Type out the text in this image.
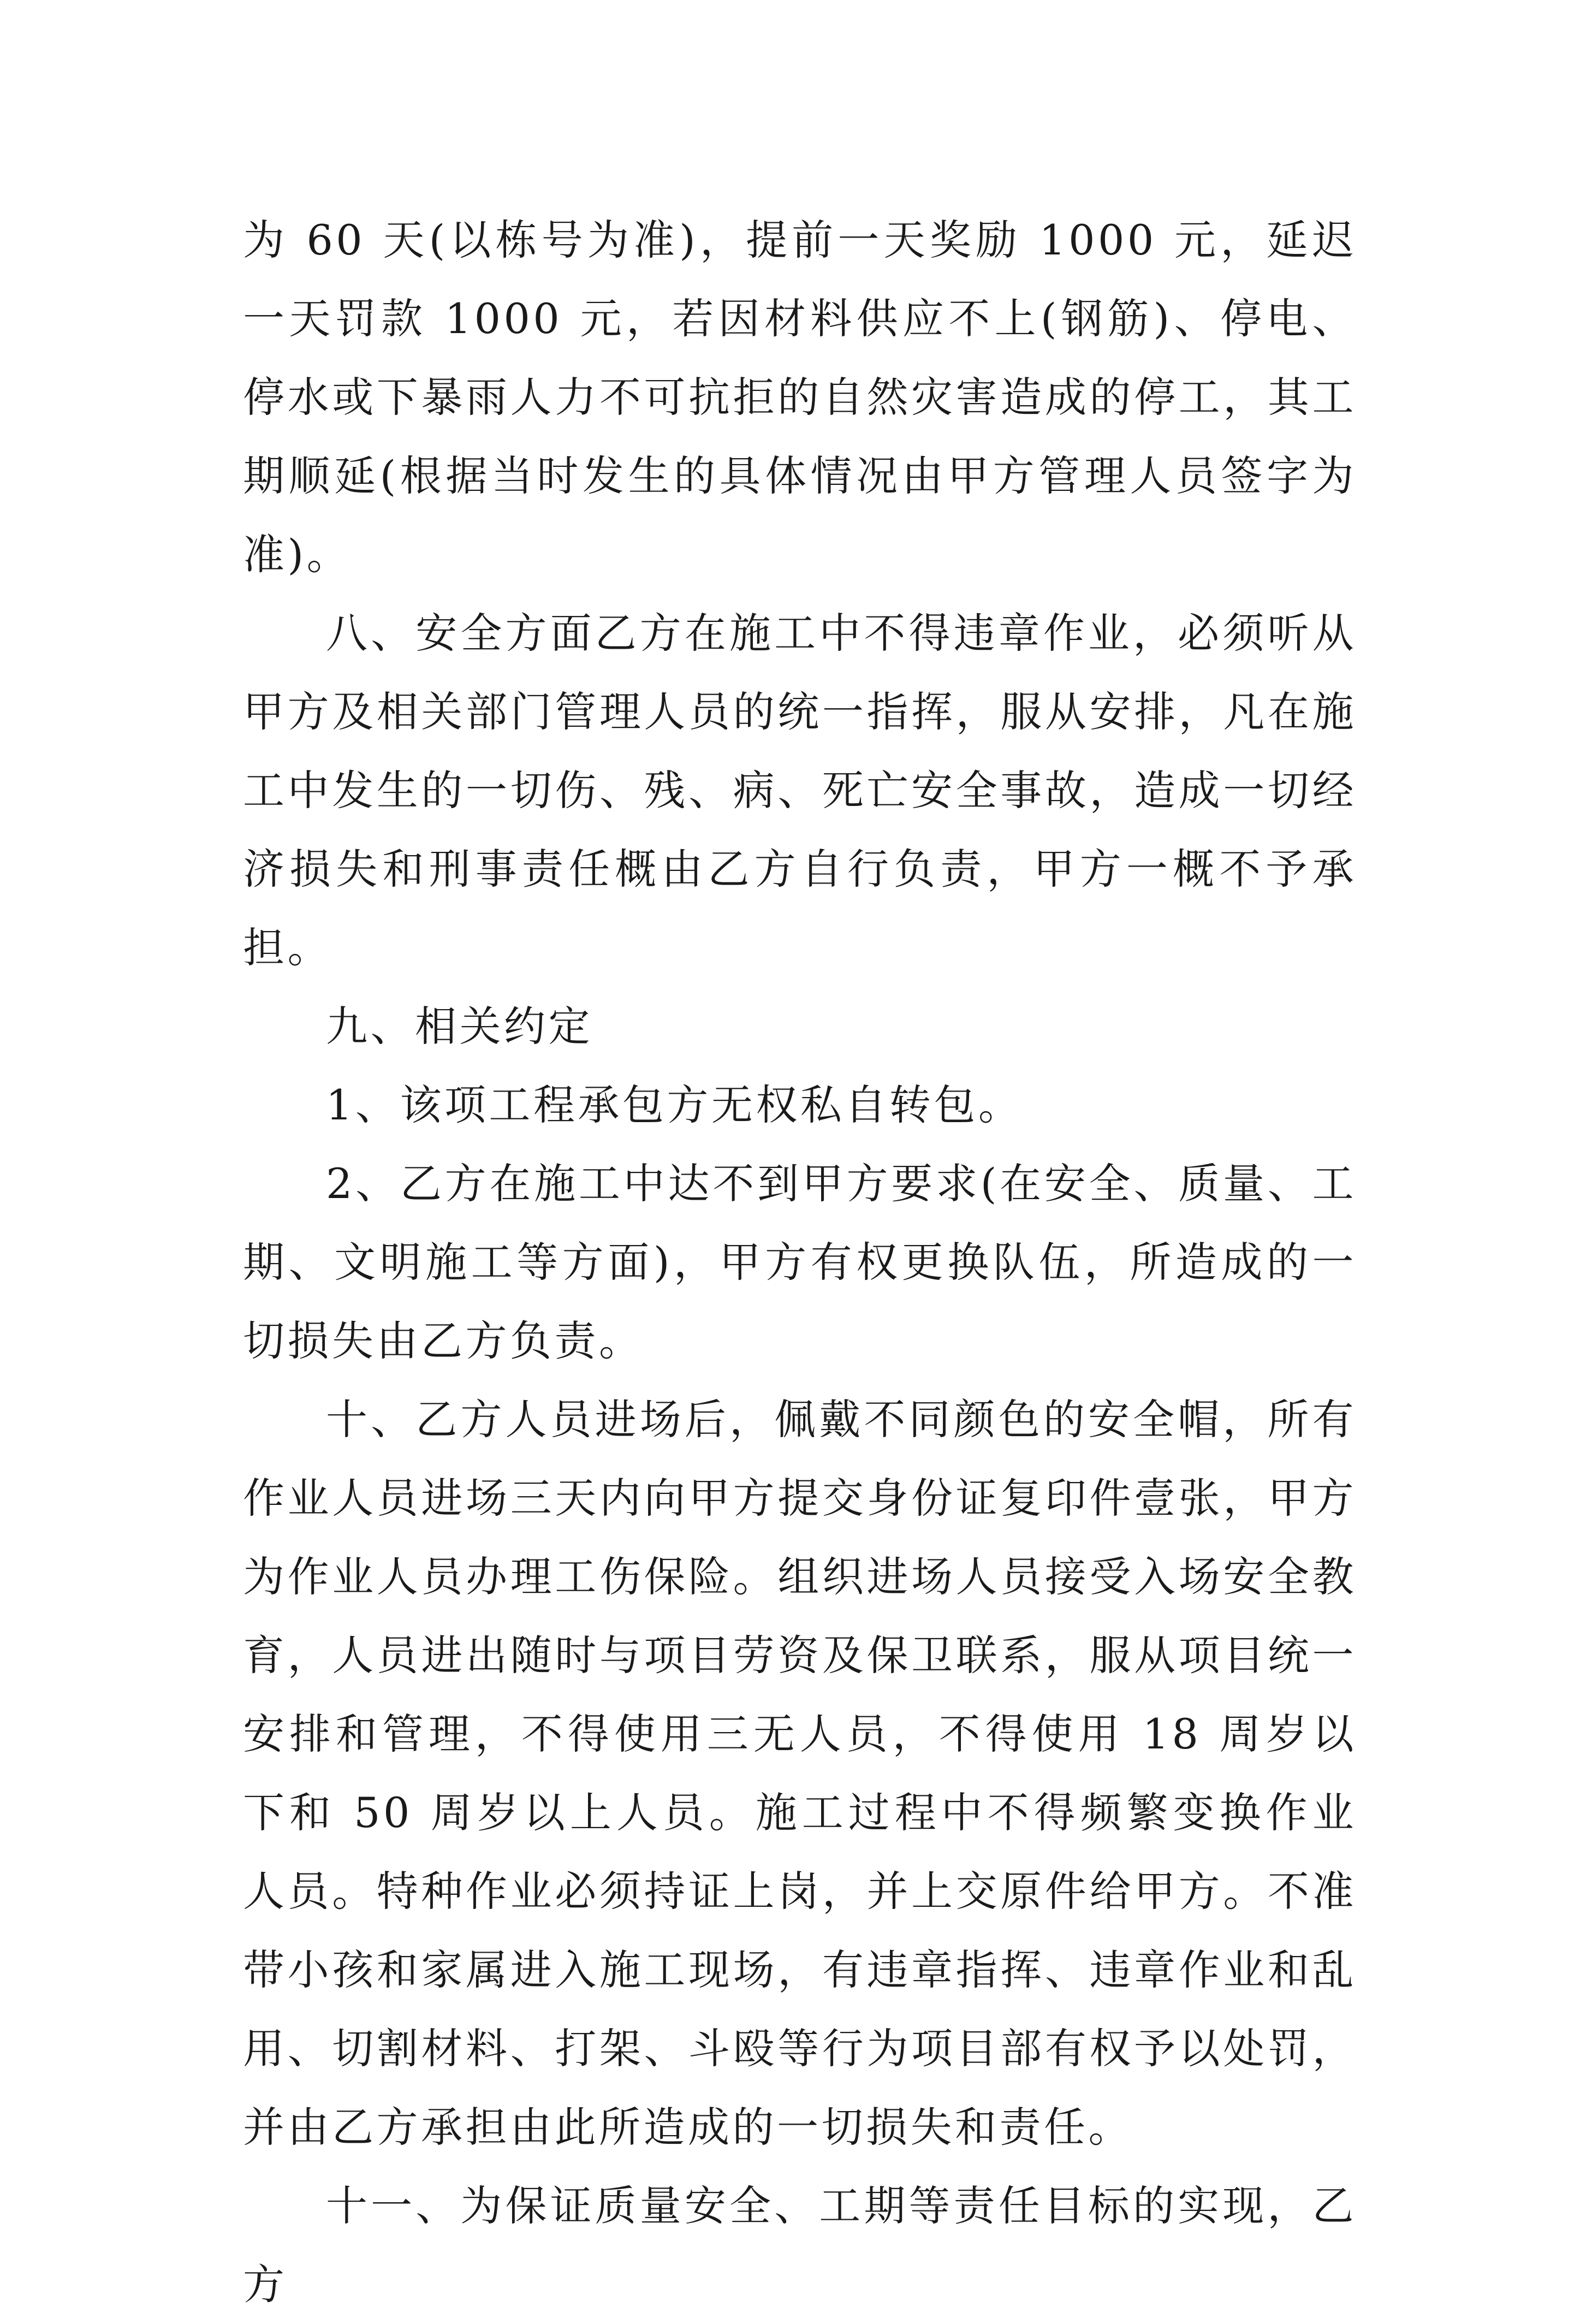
为 60 天(以栋号为准)，提前一天奖励 1000 元，延迟一天罚款 1000 元，若因材料供应不上(钢筋)、停电、停水或下暴雨人力不可抗拒的自然灾害造成的停工，其工期顺延(根据当时发生的具体情况由甲方管理人员签字为准)。

八、安全方面乙方在施工中不得违章作业，必须听从甲方及相关部门管理人员的统一指挥，服从安排，凡在施工中发生的一切伤、残、病、死亡安全事故，造成一切经济损失和刑事责任概由乙方自行负责，甲方一概不予承担。

九、相关约定

1、该项工程承包方无权私自转包。

2、乙方在施工中达不到甲方要求(在安全、质量、工期、文明施工等方面)，甲方有权更换队伍，所造成的一切损失由乙方负责。

十、乙方人员进场后，佩戴不同颜色的安全帽，所有作业人员进场三天内向甲方提交身份证复印件壹张，甲方为作业人员办理工伤保险。组织进场人员接受入场安全教育，人员进出随时与项目劳资及保卫联系，服从项目统一安排和管理，不得使用三无人员，不得使用 18 周岁以下和 50 周岁以上人员。施工过程中不得频繁变换作业人员。特种作业必须持证上岗，并上交原件给甲方。不准带小孩和家属进入施工现场，有违章指挥、违章作业和乱用、切割材料、打架、斗殴等行为项目部有权予以处罚，并由乙方承担由此所造成的一切损失和责任。

十一、为保证质量安全、工期等责任目标的实现，乙方
